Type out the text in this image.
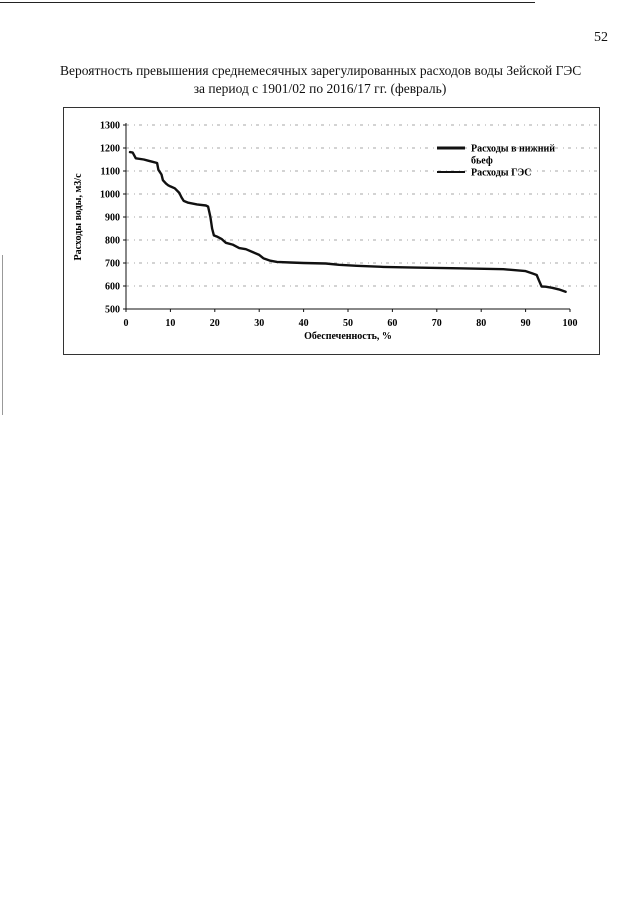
52
Вероятность превышения среднемесячных зарегулированных расходов воды Зейской ГЭС
за период с 1901/02 по 2016/17 гг. (февраль)
500
600
700
800
900
1000
1100
1200
1300
0	10	20	30	40	50	60	70	80	90	100
Расходы в нижний бьеф
Расходы ГЭС
Обеспеченность, %
Расходы воды, м3/с
